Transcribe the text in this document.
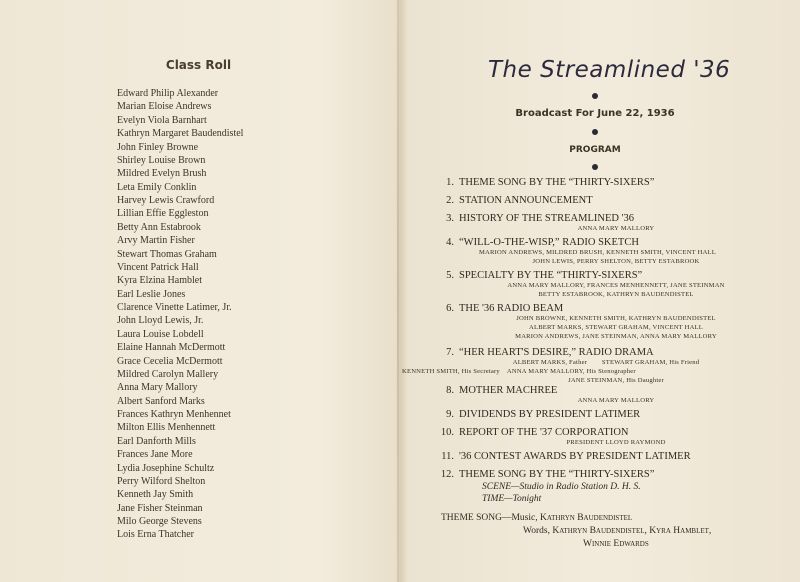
Class Roll
Edward Philip Alexander
Marian Eloise Andrews
Evelyn Viola Barnhart
Kathryn Margaret Baudendistel
John Finley Browne
Shirley Louise Brown
Mildred Evelyn Brush
Leta Emily Conklin
Harvey Lewis Crawford
Lillian Effie Eggleston
Betty Ann Estabrook
Arvy Martin Fisher
Stewart Thomas Graham
Vincent Patrick Hall
Kyra Elzina Hamblet
Earl Leslie Jones
Clarence Vinette Latimer, Jr.
John Lloyd Lewis, Jr.
Laura Louise Lobdell
Elaine Hannah McDermott
Grace Cecelia McDermott
Mildred Carolyn Mallery
Anna Mary Mallory
Albert Sanford Marks
Frances Kathryn Menhennet
Milton Ellis Menhennett
Earl Danforth Mills
Frances Jane More
Lydia Josephine Schultz
Perry Wilford Shelton
Kenneth Jay Smith
Jane Fisher Steinman
Milo George Stevens
Lois Erna Thatcher
The Streamlined '36
Broadcast For June 22, 1936
PROGRAM
1. THEME SONG BY THE “THIRTY-SIXERS”
2. STATION ANNOUNCEMENT
3. HISTORY OF THE STREAMLINED '36
ANNA MARY MALLORY
4. “WILL-O-THE-WISP,” RADIO SKETCH
MARION ANDREWS, MILDRED BRUSH, KENNETH SMITH, VINCENT HALL
JOHN LEWIS, PERRY SHELTON, BETTY ESTABROOK
5. SPECIALTY BY THE “THIRTY-SIXERS”
ANNA MARY MALLORY, FRANCES MENHENNETT, JANE STEINMAN
BETTY ESTABROOK, KATHRYN BAUDENDISTEL
6. THE '36 RADIO BEAM
JOHN BROWNE, KENNETH SMITH, KATHRYN BAUDENDISTEL
ALBERT MARKS, STEWART GRAHAM, VINCENT HALL
MARION ANDREWS, JANE STEINMAN, ANNA MARY MALLORY
7. “HER HEART'S DESIRE,” RADIO DRAMA
ALBERT MARKS, Father        STEWART GRAHAM, His Friend
KENNETH SMITH, His Secretary    ANNA MARY MALLORY, His Stenographer
JANE STEINMAN, His Daughter
8. MOTHER MACHREE
ANNA MARY MALLORY
9. DIVIDENDS BY PRESIDENT LATIMER
10. REPORT OF THE '37 CORPORATION
PRESIDENT LLOYD RAYMOND
11. '36 CONTEST AWARDS BY PRESIDENT LATIMER
12. THEME SONG BY THE “THIRTY-SIXERS”
SCENE—Studio in Radio Station D. H. S.
TIME—Tonight
THEME SONG—Music, Kathryn Baudendistel
Words, Kathryn Baudendistel, Kyra Hamblet,
Winnie Edwards
